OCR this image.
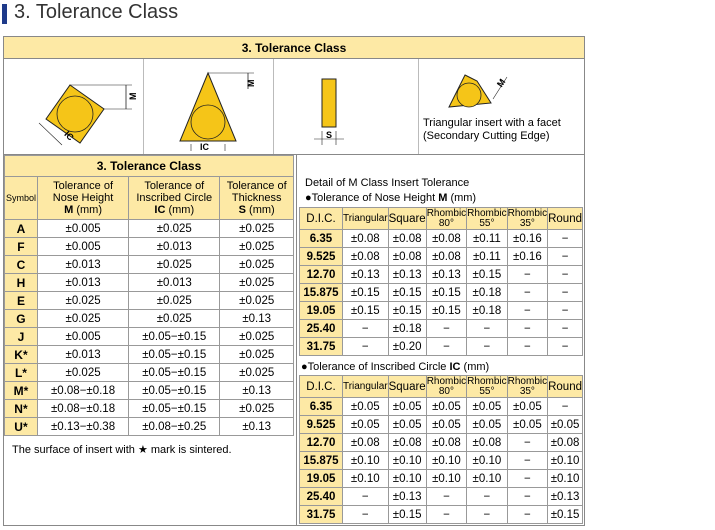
3. Tolerance Class
3. Tolerance Class
M
IC
M
IC
S
M
Triangular insert with a facet
(Secondary Cutting Edge)
3. Tolerance Class			
Symbol	Tolerance of
Nose Height
M (mm)	Tolerance of
Inscribed Circle
IC (mm)	Tolerance of
Thickness
S (mm)
A	±0.005	±0.025	±0.025
F	±0.005	±0.013	±0.025
C	±0.013	±0.025	±0.025
H	±0.013	±0.013	±0.025
E	±0.025	±0.025	±0.025
G	±0.025	±0.025	±0.13
J	±0.005	±0.05−±0.15	±0.025
K*	±0.013	±0.05−±0.15	±0.025
L*	±0.025	±0.05−±0.15	±0.025
M*	±0.08−±0.18	±0.05−±0.15	±0.13
N*	±0.08−±0.18	±0.05−±0.15	±0.025
U*	±0.13−±0.38	±0.08−±0.25	±0.13
The surface of insert with ★ mark is sintered.
Detail of M Class Insert Tolerance
●Tolerance of Nose Height M (mm)
D.I.C.	Triangular	Square	Rhombic
80°	Rhombic
55°	Rhombic
35°	Round
6.35	±0.08	±0.08	±0.08	±0.11	±0.16	−
9.525	±0.08	±0.08	±0.08	±0.11	±0.16	−
12.70	±0.13	±0.13	±0.13	±0.15	−	−
15.875	±0.15	±0.15	±0.15	±0.18	−	−
19.05	±0.15	±0.15	±0.15	±0.18	−	−
25.40	−	±0.18	−	−	−	−
31.75	−	±0.20	−	−	−	−
●Tolerance of Inscribed Circle IC (mm)
D.I.C.	Triangular	Square	Rhombic
80°	Rhombic
55°	Rhombic
35°	Round
6.35	±0.05	±0.05	±0.05	±0.05	±0.05	−
9.525	±0.05	±0.05	±0.05	±0.05	±0.05	±0.05
12.70	±0.08	±0.08	±0.08	±0.08	−	±0.08
15.875	±0.10	±0.10	±0.10	±0.10	−	±0.10
19.05	±0.10	±0.10	±0.10	±0.10	−	±0.10
25.40	−	±0.13	−	−	−	±0.13
31.75	−	±0.15	−	−	−	±0.15
